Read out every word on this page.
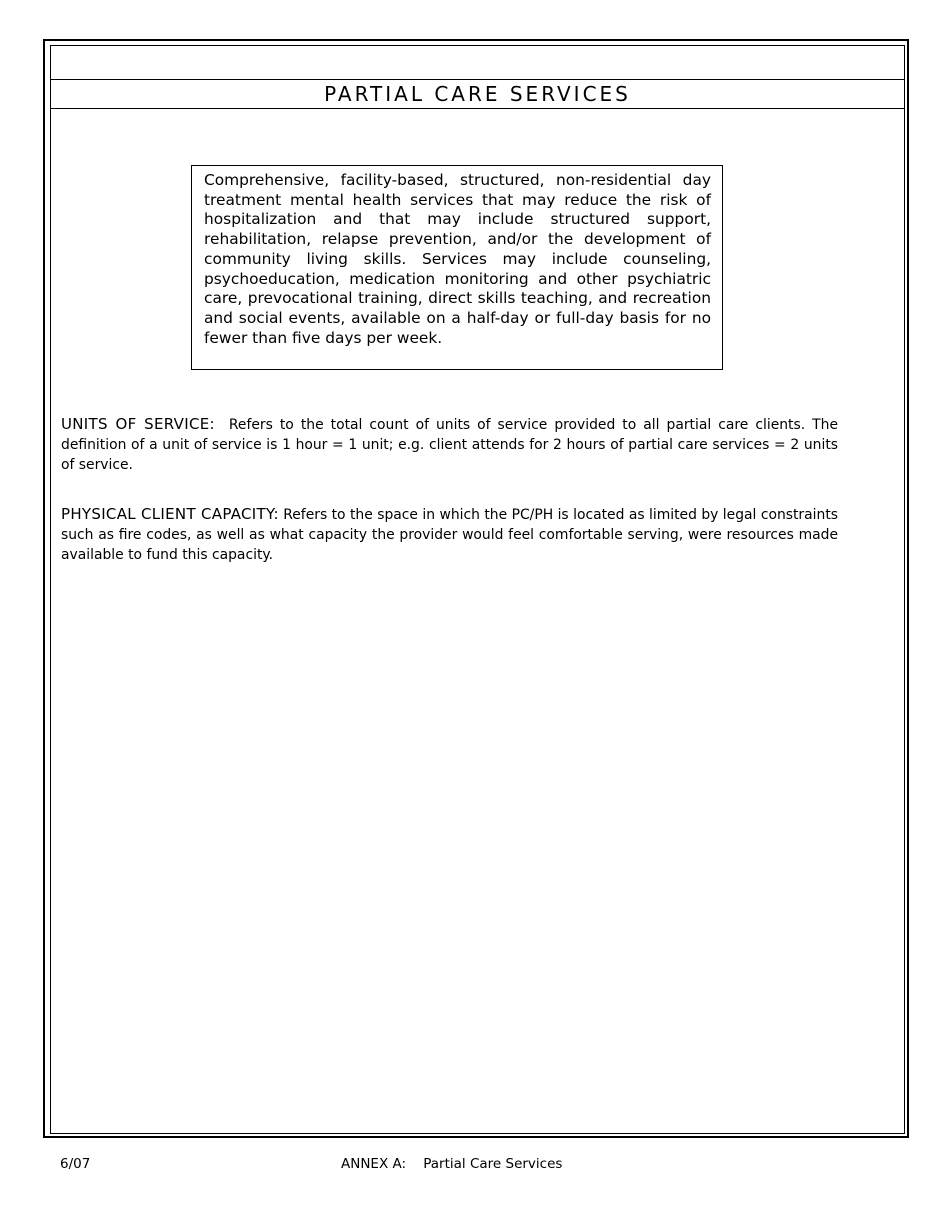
PARTIAL CARE SERVICES
Comprehensive, facility-based, structured, non-residential day treatment mental health services that may reduce the risk of hospitalization and that may include structured support, rehabilitation, relapse prevention, and/or the development of community living skills. Services may include counseling, psychoeducation, medication monitoring and other psychiatric care, prevocational training, direct skills teaching, and recreation and social events, available on a half-day or full-day basis for no fewer than five days per week.
UNITS OF SERVICE: Refers to the total count of units of service provided to all partial care clients. The definition of a unit of service is 1 hour = 1 unit; e.g. client attends for 2 hours of partial care services = 2 units of service.
PHYSICAL CLIENT CAPACITY: Refers to the space in which the PC/PH is located as limited by legal constraints such as fire codes, as well as what capacity the provider would feel comfortable serving, were resources made available to fund this capacity.
6/07	ANNEX A: Partial Care Services
